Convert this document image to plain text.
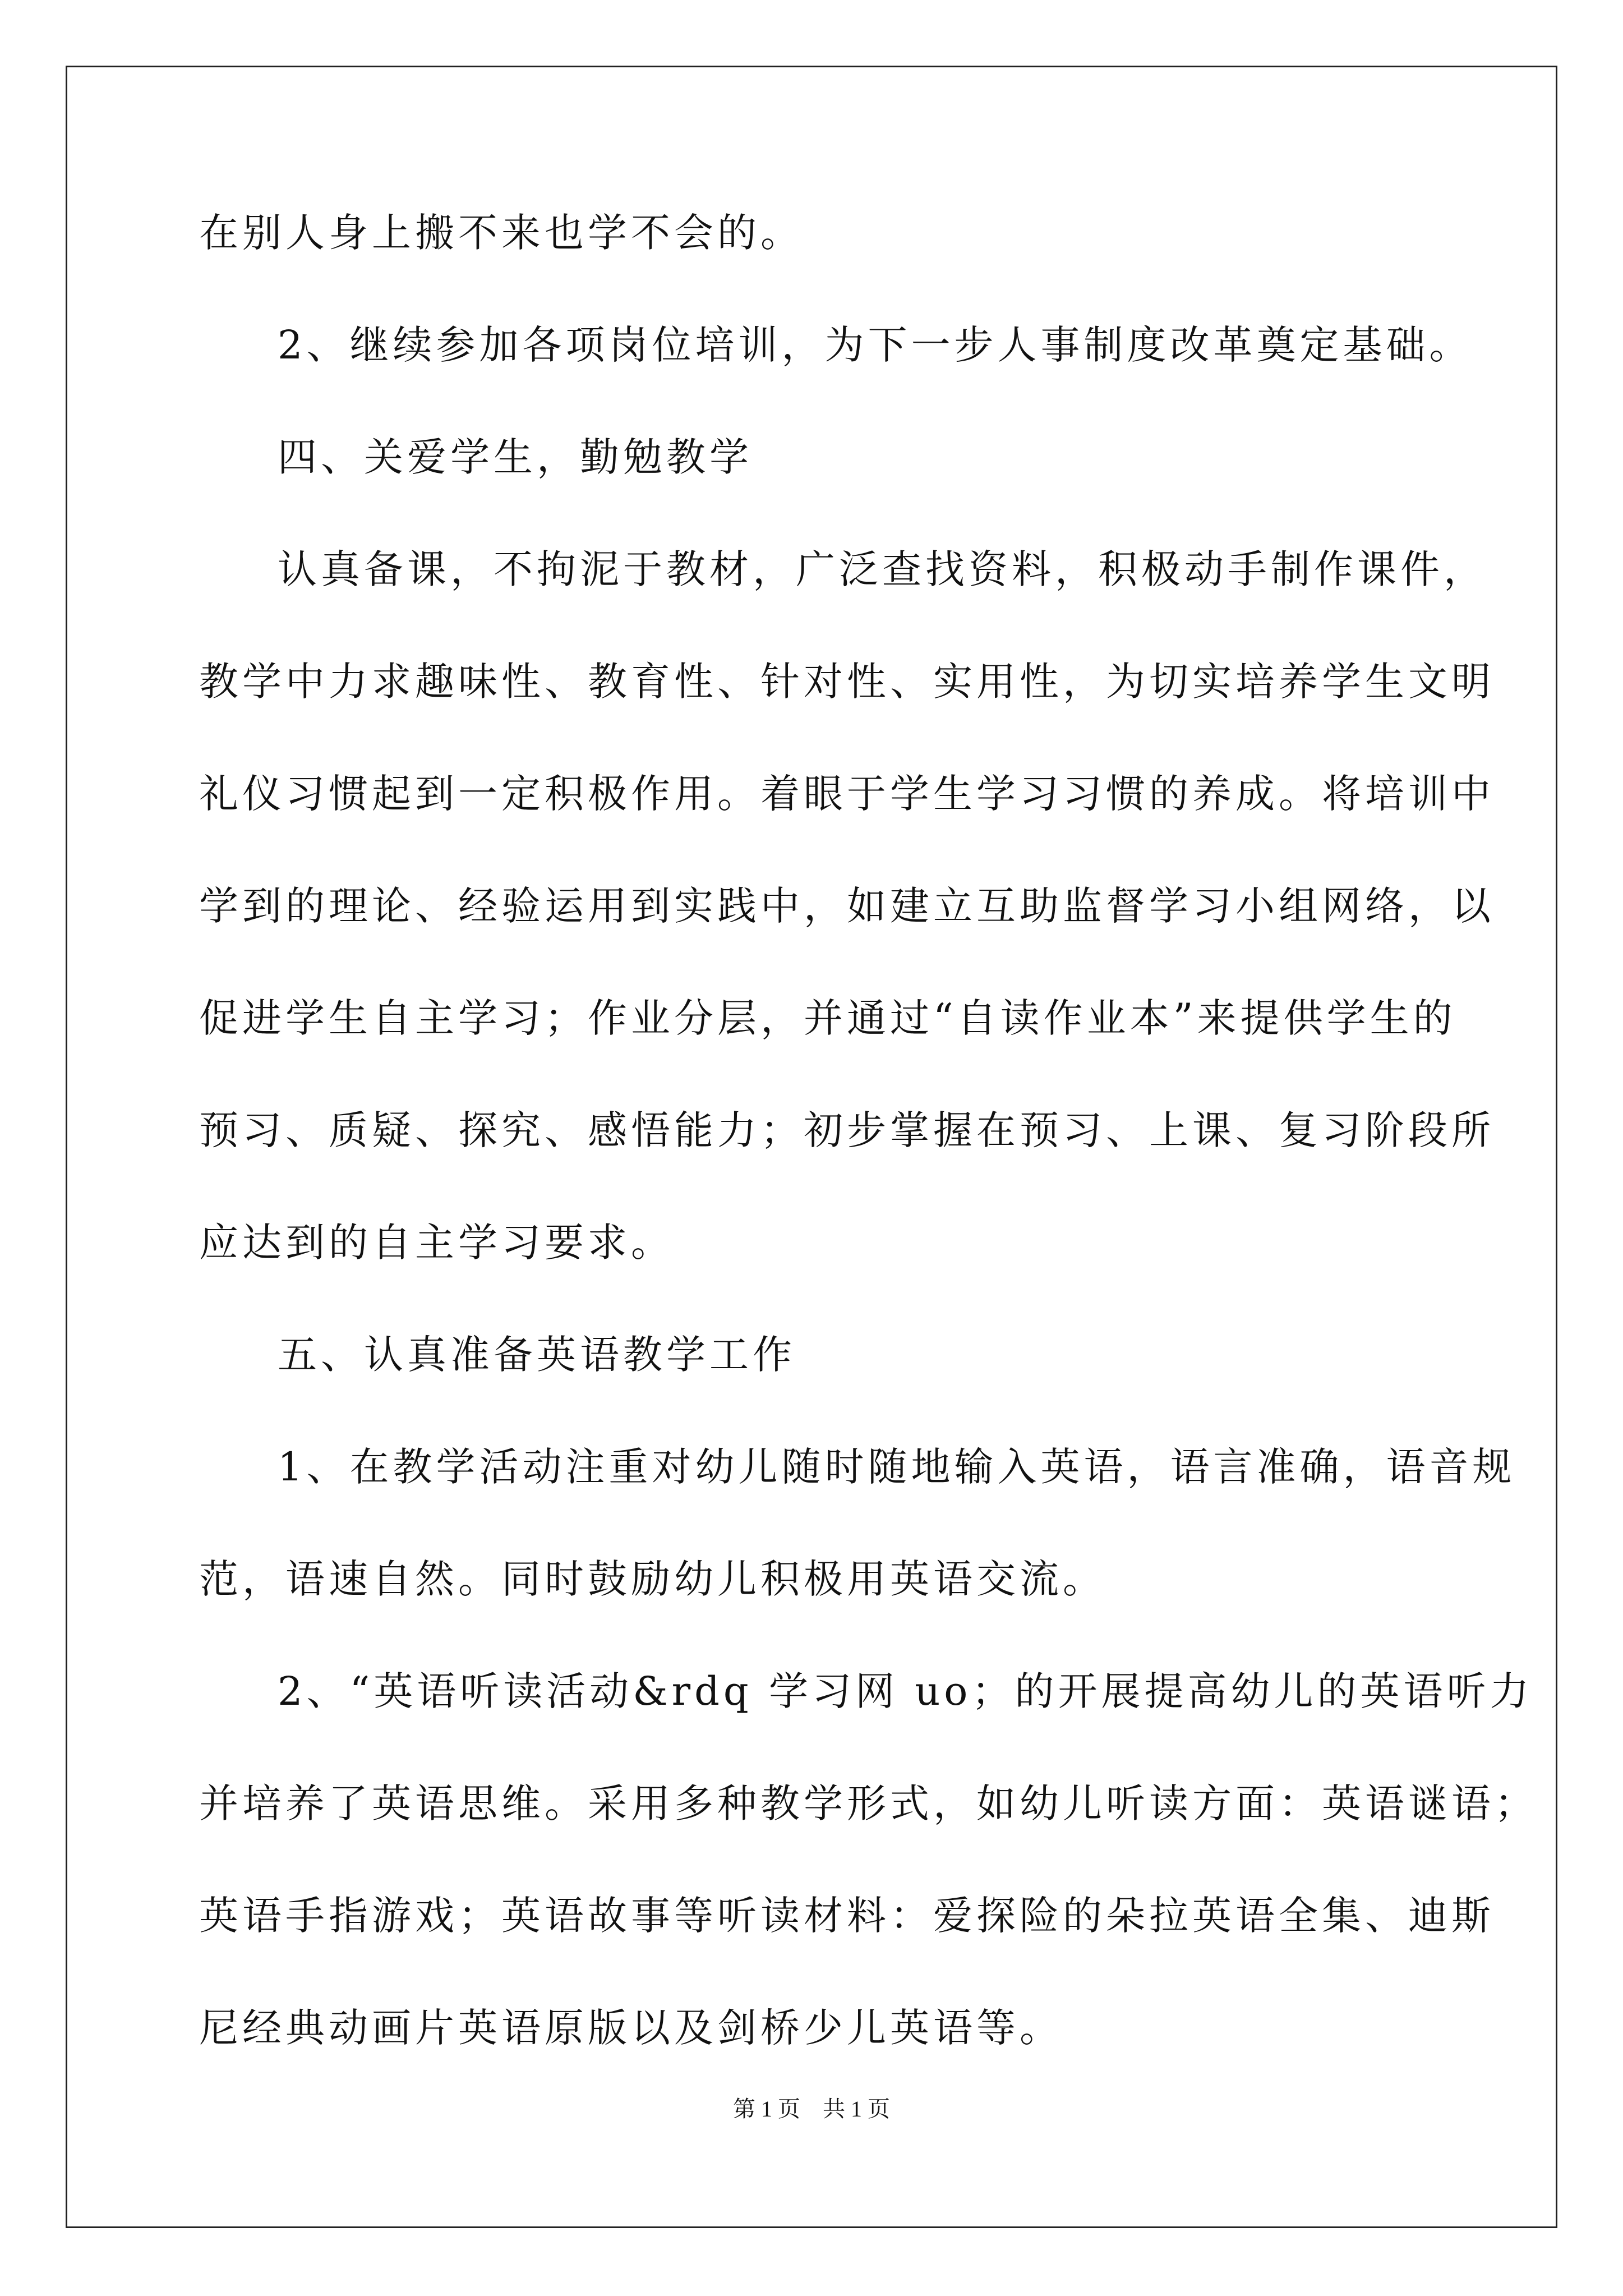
在别人身上搬不来也学不会的。
2、继续参加各项岗位培训，为下一步人事制度改革奠定基础。
四、关爱学生，勤勉教学
认真备课，不拘泥于教材，广泛查找资料，积极动手制作课件，
教学中力求趣味性、教育性、针对性、实用性，为切实培养学生文明
礼仪习惯起到一定积极作用。着眼于学生学习习惯的养成。将培训中
学到的理论、经验运用到实践中，如建立互助监督学习小组网络，以
促进学生自主学习；作业分层，并通过“自读作业本”来提供学生的
预习、质疑、探究、感悟能力；初步掌握在预习、上课、复习阶段所
应达到的自主学习要求。
五、认真准备英语教学工作
1、在教学活动注重对幼儿随时随地输入英语，语言准确，语音规
范，语速自然。同时鼓励幼儿积极用英语交流。
2、“英语听读活动&rdq 学习网 uo；的开展提高幼儿的英语听力
并培养了英语思维。采用多种教学形式，如幼儿听读方面：英语谜语；
英语手指游戏；英语故事等听读材料：爱探险的朵拉英语全集、迪斯
尼经典动画片英语原版以及剑桥少儿英语等。
第 1 页　共 1 页
